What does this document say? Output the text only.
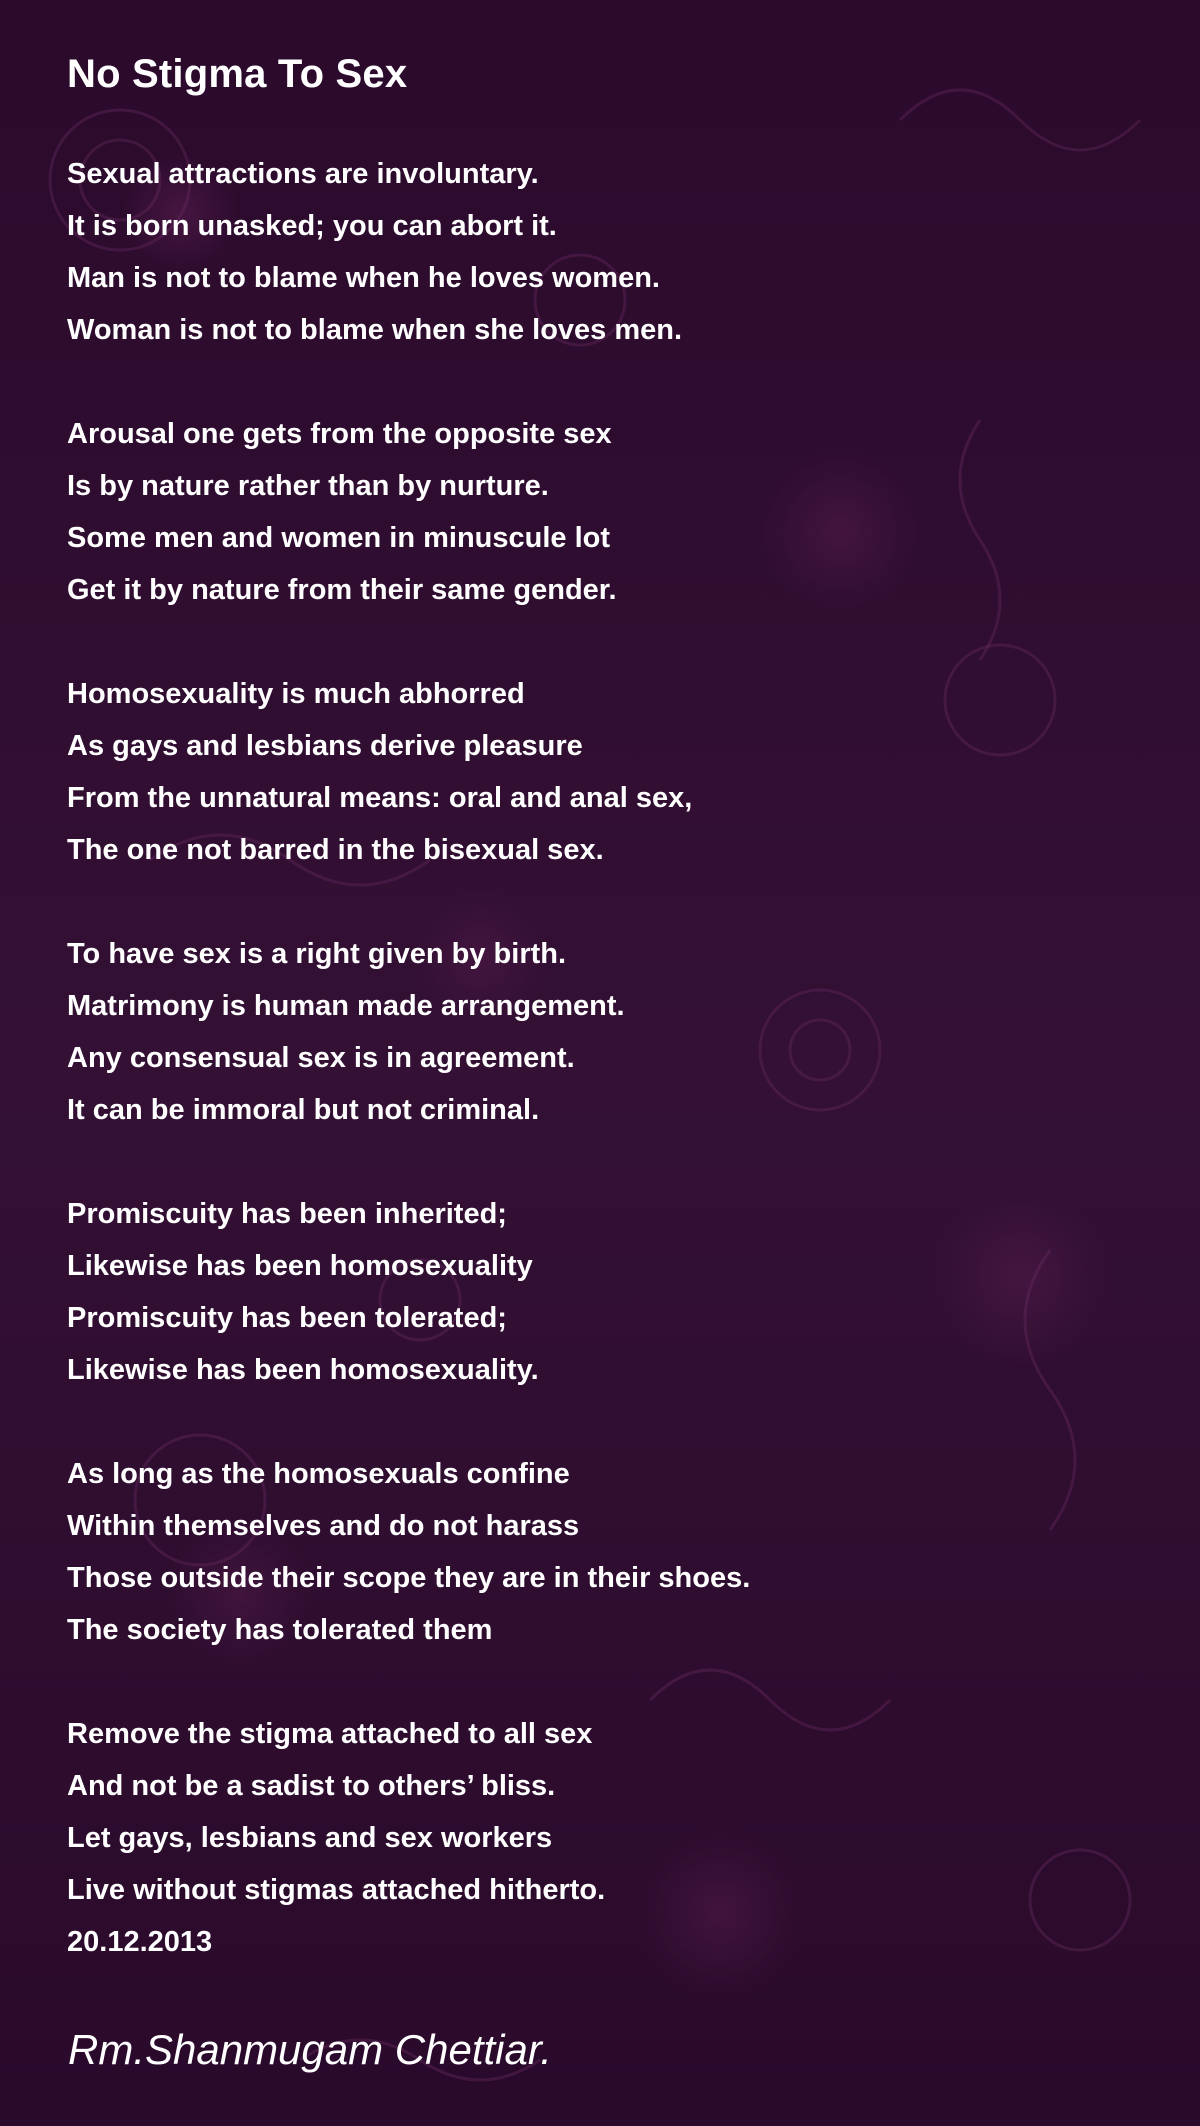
No Stigma To Sex
Sexual attractions are involuntary.
It is born unasked; you can abort it.
Man is not to blame when he loves women.
Woman is not to blame when she loves men.
Arousal one gets from the opposite sex
Is by nature rather than by nurture.
Some men and women in minuscule lot
Get it by nature from their same gender.
Homosexuality is much abhorred
As gays and lesbians derive pleasure
From the unnatural means: oral and anal sex,
The one not barred in the bisexual sex.
To have sex is a right given by birth.
Matrimony is human made arrangement.
Any consensual sex is in agreement.
It can be immoral but not criminal.
Promiscuity has been inherited;
Likewise has been homosexuality
Promiscuity has been tolerated;
Likewise has been homosexuality.
As long as the homosexuals confine
Within themselves and do not harass
Those outside their scope they are in their shoes.
The society has tolerated them
Remove the stigma attached to all sex
And not be a sadist to others’ bliss.
Let gays, lesbians and sex workers
Live without stigmas attached hitherto.
20.12.2013
Rm.Shanmugam Chettiar.
